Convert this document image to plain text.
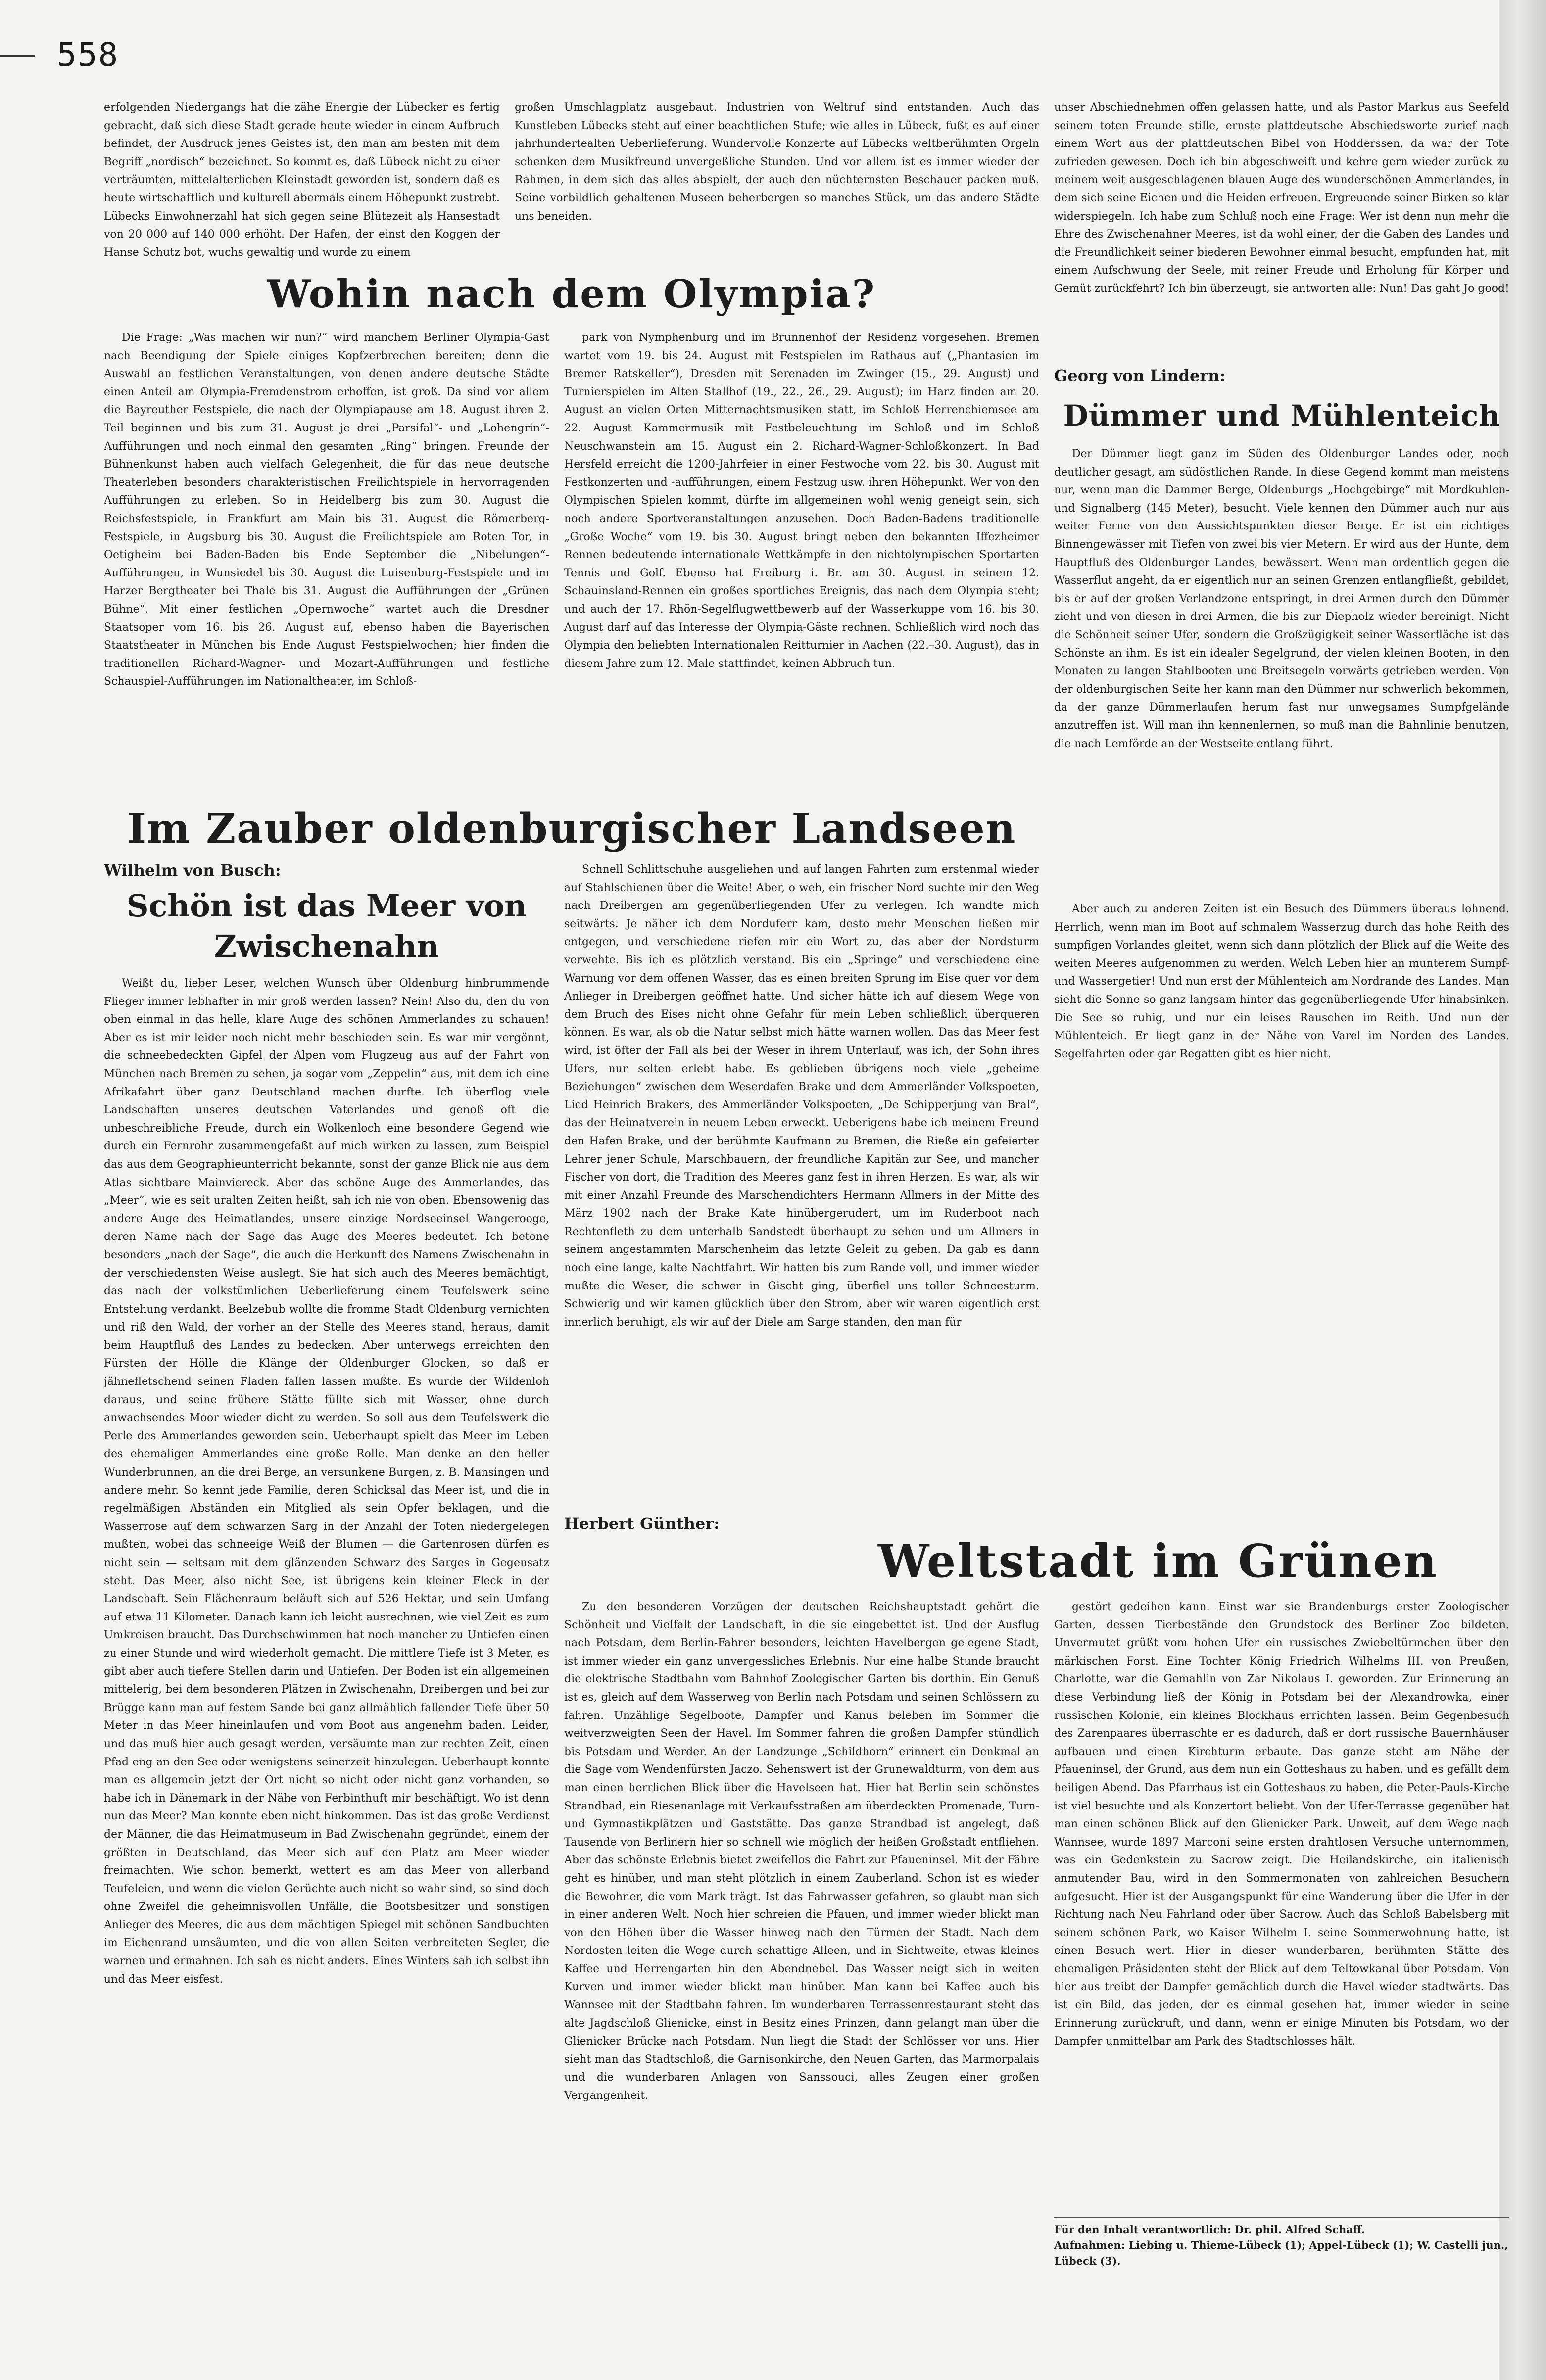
558

erfolgenden Niedergangs hat die zähe Energie der Lübecker es fertig gebracht, daß sich diese Stadt gerade heute wieder in einem Aufbruch befindet, der Ausdruck jenes Geistes ist, den man am besten mit dem Begriff „nordisch“ bezeichnet. So kommt es, daß Lübeck nicht zu einer verträumten, mittelalterlichen Kleinstadt geworden ist, sondern daß es heute wirtschaftlich und kulturell abermals einem Höhepunkt zustrebt. Lübecks Einwohnerzahl hat sich gegen seine Blütezeit als Hansestadt von 20 000 auf 140 000 erhöht. Der Hafen, der einst den Koggen der Hanse Schutz bot, wuchs gewaltig und wurde zu einem

großen Umschlagplatz ausgebaut. Industrien von Weltruf sind entstanden. Auch das Kunstleben Lübecks steht auf einer beachtlichen Stufe; wie alles in Lübeck, fußt es auf einer jahrhundertealten Ueberlieferung. Wundervolle Konzerte auf Lübecks weltberühmten Orgeln schenken dem Musikfreund unvergeßliche Stunden. Und vor allem ist es immer wieder der Rahmen, in dem sich das alles abspielt, der auch den nüchternsten Beschauer packen muß. Seine vorbildlich gehaltenen Museen beherbergen so manches Stück, um das andere Städte uns beneiden.

unser Abschiednehmen offen gelassen hatte, und als Pastor Markus aus Seefeld seinem toten Freunde stille, ernste plattdeutsche Abschiedsworte zurief nach einem Wort aus der plattdeutschen Bibel von Hodderssen, da war der Tote zufrieden gewesen. Doch ich bin abgeschweift und kehre gern wieder zurück zu meinem weit ausgeschlagenen blauen Auge des wunderschönen Ammerlandes, in dem sich seine Eichen und die Heiden erfreuen. Ergreuende seiner Birken so klar widerspiegeln. Ich habe zum Schluß noch eine Frage: Wer ist denn nun mehr die Ehre des Zwischenahner Meeres, ist da wohl einer, der die Gaben des Landes und die Freundlichkeit seiner biederen Bewohner einmal besucht, empfunden hat, mit einem Aufschwung der Seele, mit reiner Freude und Erholung für Körper und Gemüt zurückfehrt? Ich bin überzeugt, sie antworten alle: Nun! Das gaht Jo good!

Wohin nach dem Olympia?

Die Frage: „Was machen wir nun?“ wird manchem Berliner Olympia-Gast nach Beendigung der Spiele einiges Kopfzerbrechen bereiten; denn die Auswahl an festlichen Veranstaltungen, von denen andere deutsche Städte einen Anteil am Olympia-Fremdenstrom erhoffen, ist groß. Da sind vor allem die Bayreuther Festspiele, die nach der Olympiapause am 18. August ihren 2. Teil beginnen und bis zum 31. August je drei „Parsifal“- und „Lohengrin“-Aufführungen und noch einmal den gesamten „Ring“ bringen. Freunde der Bühnenkunst haben auch vielfach Gelegenheit, die für das neue deutsche Theaterleben besonders charakteristischen Freilichtspiele in hervorragenden Aufführungen zu erleben. So in Heidelberg bis zum 30. August die Reichsfestspiele, in Frankfurt am Main bis 31. August die Römerberg-Festspiele, in Augsburg bis 30. August die Freilichtspiele am Roten Tor, in Oetigheim bei Baden-Baden bis Ende September die „Nibelungen“-Aufführungen, in Wunsiedel bis 30. August die Luisenburg-Festspiele und im Harzer Bergtheater bei Thale bis 31. August die Aufführungen der „Grünen Bühne“. Mit einer festlichen „Opernwoche“ wartet auch die Dresdner Staatsoper vom 16. bis 26. August auf, ebenso haben die Bayerischen Staatstheater in München bis Ende August Festspielwochen; hier finden die traditionellen Richard-Wagner- und Mozart-Aufführungen und festliche Schauspiel-Aufführungen im Nationaltheater, im Schloß-

park von Nymphenburg und im Brunnenhof der Residenz vorgesehen. Bremen wartet vom 19. bis 24. August mit Festspielen im Rathaus auf („Phantasien im Bremer Ratskeller“), Dresden mit Serenaden im Zwinger (15., 29. August) und Turnierspielen im Alten Stallhof (19., 22., 26., 29. August); im Harz finden am 20. August an vielen Orten Mitternachtsmusiken statt, im Schloß Herrenchiemsee am 22. August Kammermusik mit Festbeleuchtung im Schloß und im Schloß Neuschwanstein am 15. August ein 2. Richard-Wagner-Schloßkonzert. In Bad Hersfeld erreicht die 1200-Jahrfeier in einer Festwoche vom 22. bis 30. August mit Festkonzerten und -aufführungen, einem Festzug usw. ihren Höhepunkt. Wer von den Olympischen Spielen kommt, dürfte im allgemeinen wohl wenig geneigt sein, sich noch andere Sportveranstaltungen anzusehen. Doch Baden-Badens traditionelle „Große Woche“ vom 19. bis 30. August bringt neben den bekannten Iffezheimer Rennen bedeutende internationale Wettkämpfe in den nichtolympischen Sportarten Tennis und Golf. Ebenso hat Freiburg i. Br. am 30. August in seinem 12. Schauinsland-Rennen ein großes sportliches Ereignis, das nach dem Olympia steht; und auch der 17. Rhön-Segelflugwettbewerb auf der Wasserkuppe vom 16. bis 30. August darf auf das Interesse der Olympia-Gäste rechnen. Schließlich wird noch das Olympia den beliebten Internationalen Reitturnier in Aachen (22.–30. August), das in diesem Jahre zum 12. Male stattfindet, keinen Abbruch tun.

Georg von Lindern:

Dümmer und Mühlenteich

Der Dümmer liegt ganz im Süden des Oldenburger Landes oder, noch deutlicher gesagt, am südöstlichen Rande. In diese Gegend kommt man meistens nur, wenn man die Dammer Berge, Oldenburgs „Hochgebirge“ mit Mordkuhlen- und Signalberg (145 Meter), besucht. Viele kennen den Dümmer auch nur aus weiter Ferne von den Aussichtspunkten dieser Berge. Er ist ein richtiges Binnengewässer mit Tiefen von zwei bis vier Metern. Er wird aus der Hunte, dem Hauptfluß des Oldenburger Landes, bewässert. Wenn man ordentlich gegen die Wasserflut angeht, da er eigentlich nur an seinen Grenzen entlangfließt, gebildet, bis er auf der großen Verlandzone entspringt, in drei Armen durch den Dümmer zieht und von diesen in drei Armen, die bis zur Diepholz wieder bereinigt. Nicht die Schönheit seiner Ufer, sondern die Großzügigkeit seiner Wasserfläche ist das Schönste an ihm. Es ist ein idealer Segelgrund, der vielen kleinen Booten, in den Monaten zu langen Stahlbooten und Breitsegeln vorwärts getrieben werden. Von der oldenburgischen Seite her kann man den Dümmer nur schwerlich bekommen, da der ganze Dümmerlaufen herum fast nur unwegsames Sumpfgelände anzutreffen ist. Will man ihn kennenlernen, so muß man die Bahnlinie benutzen, die nach Lemförde an der Westseite entlang führt.

Aber auch zu anderen Zeiten ist ein Besuch des Dümmers überaus lohnend. Herrlich, wenn man im Boot auf schmalem Wasserzug durch das hohe Reith des sumpfigen Vorlandes gleitet, wenn sich dann plötzlich der Blick auf die Weite des weiten Meeres aufgenommen zu werden. Welch Leben hier an munterem Sumpf- und Wassergetier! Und nun erst der Mühlenteich am Nordrande des Landes. Man sieht die Sonne so ganz langsam hinter das gegenüberliegende Ufer hinabsinken. Die See so ruhig, und nur ein leises Rauschen im Reith. Und nun der Mühlenteich. Er liegt ganz in der Nähe von Varel im Norden des Landes. Segelfahrten oder gar Regatten gibt es hier nicht.

Im Zauber oldenburgischer Landseen

Wilhelm von Busch:

Schön ist das Meer von Zwischenahn

Weißt du, lieber Leser, welchen Wunsch über Oldenburg hinbrummende Flieger immer lebhafter in mir groß werden lassen? Nein! Also du, den du von oben einmal in das helle, klare Auge des schönen Ammerlandes zu schauen! Aber es ist mir leider noch nicht mehr beschieden sein. Es war mir vergönnt, die schneebedeckten Gipfel der Alpen vom Flugzeug aus auf der Fahrt von München nach Bremen zu sehen, ja sogar vom „Zeppelin“ aus, mit dem ich eine Afrikafahrt über ganz Deutschland machen durfte. Ich überflog viele Landschaften unseres deutschen Vaterlandes und genoß oft die unbeschreibliche Freude, durch ein Wolkenloch eine besondere Gegend wie durch ein Fernrohr zusammengefaßt auf mich wirken zu lassen, zum Beispiel das aus dem Geographieunterricht bekannte, sonst der ganze Blick nie aus dem Atlas sichtbare Mainviereck. Aber das schöne Auge des Ammerlandes, das „Meer“, wie es seit uralten Zeiten heißt, sah ich nie von oben. Ebensowenig das andere Auge des Heimatlandes, unsere einzige Nordseeinsel Wangerooge, deren Name nach der Sage das Auge des Meeres bedeutet. Ich betone besonders „nach der Sage“, die auch die Herkunft des Namens Zwischenahn in der verschiedensten Weise auslegt. Sie hat sich auch des Meeres bemächtigt, das nach der volkstümlichen Ueberlieferung einem Teufelswerk seine Entstehung verdankt. Beelzebub wollte die fromme Stadt Oldenburg vernichten und riß den Wald, der vorher an der Stelle des Meeres stand, heraus, damit beim Hauptfluß des Landes zu bedecken. Aber unterwegs erreichten den Fürsten der Hölle die Klänge der Oldenburger Glocken, so daß er jähnefletschend seinen Fladen fallen lassen mußte. Es wurde der Wildenloh daraus, und seine frühere Stätte füllte sich mit Wasser, ohne durch anwachsendes Moor wieder dicht zu werden. So soll aus dem Teufelswerk die Perle des Ammerlandes geworden sein. Ueberhaupt spielt das Meer im Leben des ehemaligen Ammerlandes eine große Rolle. Man denke an den heller Wunderbrunnen, an die drei Berge, an versunkene Burgen, z. B. Mansingen und andere mehr. So kennt jede Familie, deren Schicksal das Meer ist, und die in regelmäßigen Abständen ein Mitglied als sein Opfer beklagen, und die Wasserrose auf dem schwarzen Sarg in der Anzahl der Toten niedergelegen mußten, wobei das schneeige Weiß der Blumen — die Gartenrosen dürfen es nicht sein — seltsam mit dem glänzenden Schwarz des Sarges in Gegensatz steht. Das Meer, also nicht See, ist übrigens kein kleiner Fleck in der Landschaft. Sein Flächenraum beläuft sich auf 526 Hektar, und sein Umfang auf etwa 11 Kilometer. Danach kann ich leicht ausrechnen, wie viel Zeit es zum Umkreisen braucht. Das Durchschwimmen hat noch mancher zu Untiefen einen zu einer Stunde und wird wiederholt gemacht. Die mittlere Tiefe ist 3 Meter, es gibt aber auch tiefere Stellen darin und Untiefen. Der Boden ist ein allgemeinen mittelerig, bei dem besonderen Plätzen in Zwischenahn, Dreibergen und bei zur Brügge kann man auf festem Sande bei ganz allmählich fallender Tiefe über 50 Meter in das Meer hineinlaufen und vom Boot aus angenehm baden. Leider, und das muß hier auch gesagt werden, versäumte man zur rechten Zeit, einen Pfad eng an den See oder wenigstens seinerzeit hinzulegen. Ueberhaupt konnte man es allgemein jetzt der Ort nicht so nicht oder nicht ganz vorhanden, so habe ich in Dänemark in der Nähe von Ferbinthuft mir beschäftigt. Wo ist denn nun das Meer? Man konnte eben nicht hinkommen. Das ist das große Verdienst der Männer, die das Heimatmuseum in Bad Zwischenahn gegründet, einem der größten in Deutschland, das Meer sich auf den Platz am Meer wieder freimachten. Wie schon bemerkt, wettert es am das Meer von allerband Teufeleien, und wenn die vielen Gerüchte auch nicht so wahr sind, so sind doch ohne Zweifel die geheimnisvollen Unfälle, die Bootsbesitzer und sonstigen Anlieger des Meeres, die aus dem mächtigen Spiegel mit schönen Sandbuchten im Eichenrand umsäumten, und die von allen Seiten verbreiteten Segler, die warnen und ermahnen. Ich sah es nicht anders. Eines Winters sah ich selbst ihn und das Meer eisfest.

Schnell Schlittschuhe ausgeliehen und auf langen Fahrten zum erstenmal wieder auf Stahlschienen über die Weite! Aber, o weh, ein frischer Nord suchte mir den Weg nach Dreibergen am gegenüberliegenden Ufer zu verlegen. Ich wandte mich seitwärts. Je näher ich dem Norduferr kam, desto mehr Menschen ließen mir entgegen, und verschiedene riefen mir ein Wort zu, das aber der Nordsturm verwehte. Bis ich es plötzlich verstand. Bis ein „Springe“ und verschiedene eine Warnung vor dem offenen Wasser, das es einen breiten Sprung im Eise quer vor dem Anlieger in Dreibergen geöffnet hatte. Und sicher hätte ich auf diesem Wege von dem Bruch des Eises nicht ohne Gefahr für mein Leben schließlich überqueren können. Es war, als ob die Natur selbst mich hätte warnen wollen. Das das Meer fest wird, ist öfter der Fall als bei der Weser in ihrem Unterlauf, was ich, der Sohn ihres Ufers, nur selten erlebt habe. Es geblieben übrigens noch viele „geheime Beziehungen“ zwischen dem Weserdafen Brake und dem Ammerländer Volkspoeten, Lied Heinrich Brakers, des Ammerländer Volkspoeten, „De Schipperjung van Bral“, das der Heimatverein in neuem Leben erweckt. Ueberigens habe ich meinem Freund den Hafen Brake, und der berühmte Kaufmann zu Bremen, die Rieße ein gefeierter Lehrer jener Schule, Marschbauern, der freundliche Kapitän zur See, und mancher Fischer von dort, die Tradition des Meeres ganz fest in ihren Herzen. Es war, als wir mit einer Anzahl Freunde des Marschendichters Hermann Allmers in der Mitte des März 1902 nach der Brake Kate hinübergerudert, um im Ruderboot nach Rechtenfleth zu dem unterhalb Sandstedt überhaupt zu sehen und um Allmers in seinem angestammten Marschenheim das letzte Geleit zu geben. Da gab es dann noch eine lange, kalte Nachtfahrt. Wir hatten bis zum Rande voll, und immer wieder mußte die Weser, die schwer in Gischt ging, überfiel uns toller Schneesturm. Schwierig und wir kamen glücklich über den Strom, aber wir waren eigentlich erst innerlich beruhigt, als wir auf der Diele am Sarge standen, den man für

Herbert Günther:

Weltstadt im Grünen

Zu den besonderen Vorzügen der deutschen Reichshauptstadt gehört die Schönheit und Vielfalt der Landschaft, in die sie eingebettet ist. Und der Ausflug nach Potsdam, dem Berlin-Fahrer besonders, leichten Havelbergen gelegene Stadt, ist immer wieder ein ganz unvergessliches Erlebnis. Nur eine halbe Stunde braucht die elektrische Stadtbahn vom Bahnhof Zoologischer Garten bis dorthin. Ein Genuß ist es, gleich auf dem Wasserweg von Berlin nach Potsdam und seinen Schlössern zu fahren. Unzählige Segelboote, Dampfer und Kanus beleben im Sommer die weitverzweigten Seen der Havel. Im Sommer fahren die großen Dampfer stündlich bis Potsdam und Werder. An der Landzunge „Schildhorn“ erinnert ein Denkmal an die Sage vom Wendenfürsten Jaczo. Sehenswert ist der Grunewaldturm, von dem aus man einen herrlichen Blick über die Havelseen hat. Hier hat Berlin sein schönstes Strandbad, ein Riesenanlage mit Verkaufsstraßen am überdeckten Promenade, Turn- und Gymnastikplätzen und Gaststätte. Das ganze Strandbad ist angelegt, daß Tausende von Berlinern hier so schnell wie möglich der heißen Großstadt entfliehen. Aber das schönste Erlebnis bietet zweifellos die Fahrt zur Pfaueninsel. Mit der Fähre geht es hinüber, und man steht plötzlich in einem Zauberland. Schon ist es wieder die Bewohner, die vom Mark trägt. Ist das Fahrwasser gefahren, so glaubt man sich in einer anderen Welt. Noch hier schreien die Pfauen, und immer wieder blickt man von den Höhen über die Wasser hinweg nach den Türmen der Stadt. Nach dem Nordosten leiten die Wege durch schattige Alleen, und in Sichtweite, etwas kleines Kaffee und Herrengarten hin den Abendnebel. Das Wasser neigt sich in weiten Kurven und immer wieder blickt man hinüber. Man kann bei Kaffee auch bis Wannsee mit der Stadtbahn fahren. Im wunderbaren Terrassenrestaurant steht das alte Jagdschloß Glienicke, einst in Besitz eines Prinzen, dann gelangt man über die Glienicker Brücke nach Potsdam. Nun liegt die Stadt der Schlösser vor uns. Hier sieht man das Stadtschloß, die Garnisonkirche, den Neuen Garten, das Marmorpalais und die wunderbaren Anlagen von Sanssouci, alles Zeugen einer großen Vergangenheit.

gestört gedeihen kann. Einst war sie Brandenburgs erster Zoologischer Garten, dessen Tierbestände den Grundstock des Berliner Zoo bildeten. Unvermutet grüßt vom hohen Ufer ein russisches Zwiebeltürmchen über den märkischen Forst. Eine Tochter König Friedrich Wilhelms III. von Preußen, Charlotte, war die Gemahlin von Zar Nikolaus I. geworden. Zur Erinnerung an diese Verbindung ließ der König in Potsdam bei der Alexandrowka, einer russischen Kolonie, ein kleines Blockhaus errichten lassen. Beim Gegenbesuch des Zarenpaares überraschte er es dadurch, daß er dort russische Bauernhäuser aufbauen und einen Kirchturm erbaute. Das ganze steht am Nähe der Pfaueninsel, der Grund, aus dem nun ein Gotteshaus zu haben, und es gefällt dem heiligen Abend. Das Pfarrhaus ist ein Gotteshaus zu haben, die Peter-Pauls-Kirche ist viel besuchte und als Konzertort beliebt. Von der Ufer-Terrasse gegenüber hat man einen schönen Blick auf den Glienicker Park. Unweit, auf dem Wege nach Wannsee, wurde 1897 Marconi seine ersten drahtlosen Versuche unternommen, was ein Gedenkstein zu Sacrow zeigt. Die Heilandskirche, ein italienisch anmutender Bau, wird in den Sommermonaten von zahlreichen Besuchern aufgesucht. Hier ist der Ausgangspunkt für eine Wanderung über die Ufer in der Richtung nach Neu Fahrland oder über Sacrow. Auch das Schloß Babelsberg mit seinem schönen Park, wo Kaiser Wilhelm I. seine Sommerwohnung hatte, ist einen Besuch wert. Hier in dieser wunderbaren, berühmten Stätte des ehemaligen Präsidenten steht der Blick auf dem Teltowkanal über Potsdam. Von hier aus treibt der Dampfer gemächlich durch die Havel wieder stadtwärts. Das ist ein Bild, das jeden, der es einmal gesehen hat, immer wieder in seine Erinnerung zurückruft, und dann, wenn er einige Minuten bis Potsdam, wo der Dampfer unmittelbar am Park des Stadtschlosses hält.

Für den Inhalt verantwortlich: Dr. phil. Alfred Schaff.

Aufnahmen: Liebing u. Thieme-Lübeck (1); Appel-Lübeck (1); W. Castelli jun., Lübeck (3).
